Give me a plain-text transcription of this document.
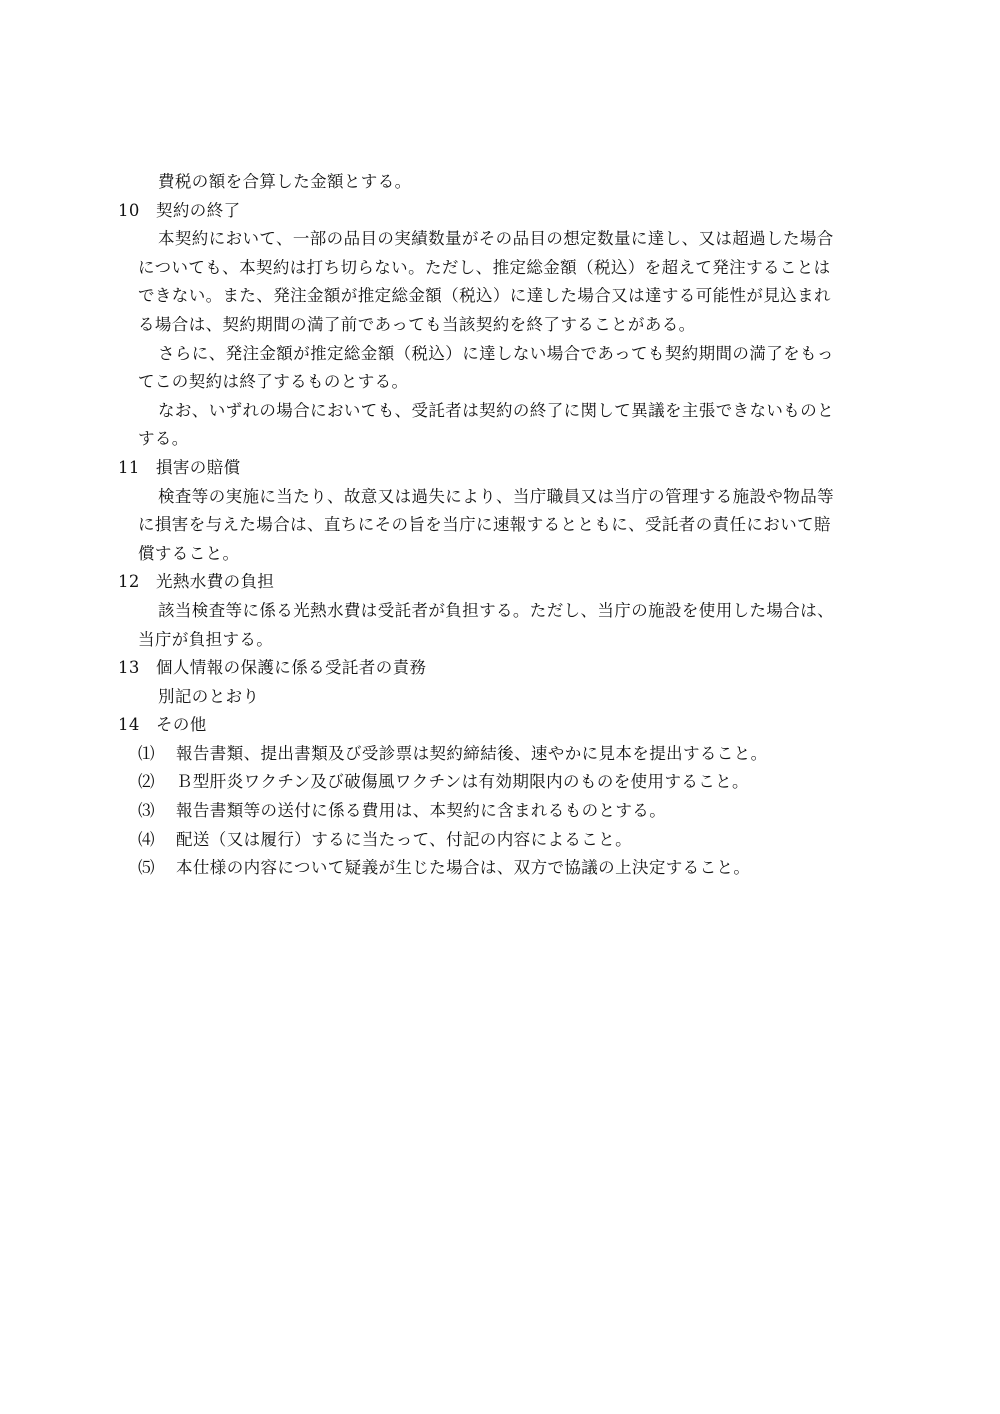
費税の額を合算した金額とする。
10 契約の終了
本契約において、一部の品目の実績数量がその品目の想定数量に達し、又は超過した場合
についても、本契約は打ち切らない。ただし、推定総金額（税込）を超えて発注することは
できない。また、発注金額が推定総金額（税込）に達した場合又は達する可能性が見込まれ
る場合は、契約期間の満了前であっても当該契約を終了することがある。
さらに、発注金額が推定総金額（税込）に達しない場合であっても契約期間の満了をもっ
てこの契約は終了するものとする。
なお、いずれの場合においても、受託者は契約の終了に関して異議を主張できないものと
する。
11 損害の賠償
検査等の実施に当たり、故意又は過失により、当庁職員又は当庁の管理する施設や物品等
に損害を与えた場合は、直ちにその旨を当庁に速報するとともに、受託者の責任において賠
償すること。
12 光熱水費の負担
該当検査等に係る光熱水費は受託者が負担する。ただし、当庁の施設を使用した場合は、
当庁が負担する。
13 個人情報の保護に係る受託者の責務
別記のとおり
14 その他
⑴	報告書類、提出書類及び受診票は契約締結後、速やかに見本を提出すること。
⑵	Ｂ型肝炎ワクチン及び破傷風ワクチンは有効期限内のものを使用すること。
⑶	報告書類等の送付に係る費用は、本契約に含まれるものとする。
⑷	配送（又は履行）するに当たって、付記の内容によること。
⑸	本仕様の内容について疑義が生じた場合は、双方で協議の上決定すること。
